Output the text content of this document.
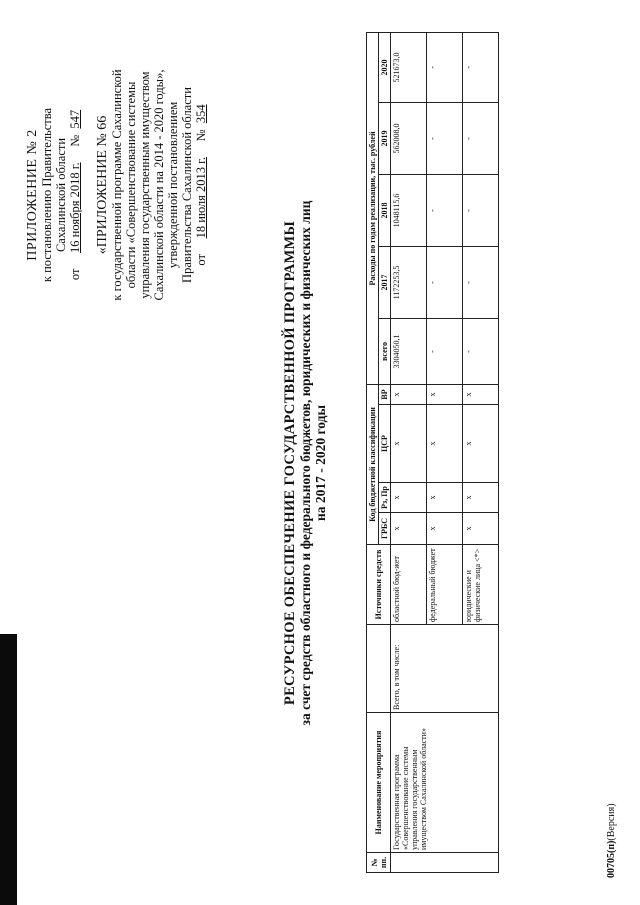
ПРИЛОЖЕНИЕ № 2 к постановлению Правительства Сахалинской области
от     16 ноября 2018 г.     №  547 «ПРИЛОЖЕНИЕ № 66 к государственной программе Сахалинской области «Совершенствование системы управления государственным имуществом Сахалинской области на 2014 - 2020 годы», утвержденной постановлением Правительства Сахалинской области от     18 июля 2013 г.     №  354
РЕСУРСНОЕ ОБЕСПЕЧЕНИЕ ГОСУДАРСТВЕННОЙ ПРОГРАММЫ за счет средств областного и федерального бюджетов, юридических и физических лиц на 2017 - 2020 годы
№ пп.	Наименование мероприятия		Источники средств	Код бюджетной классификации				Расходы по годам реализации, тыс. рублей				
				ГРБС	Рз, Пр	ЦСР	ВР	всего	2017	2018	2019	2020
	Государственная программа «Совершенствование системы управления государственным имуществом Сахалинской области»	Всего, в том числе:	областной бюд-жет	x	x	x	x	3304050,1	1172253,5	1048115,6	562008,0	521673,0
			федеральный бюджет	x	x	x	x	-	-	-	-	-
			юридические и физические лица <*>	x	x	x	x	-	-	-	-	-
00705(п)(Версия)
